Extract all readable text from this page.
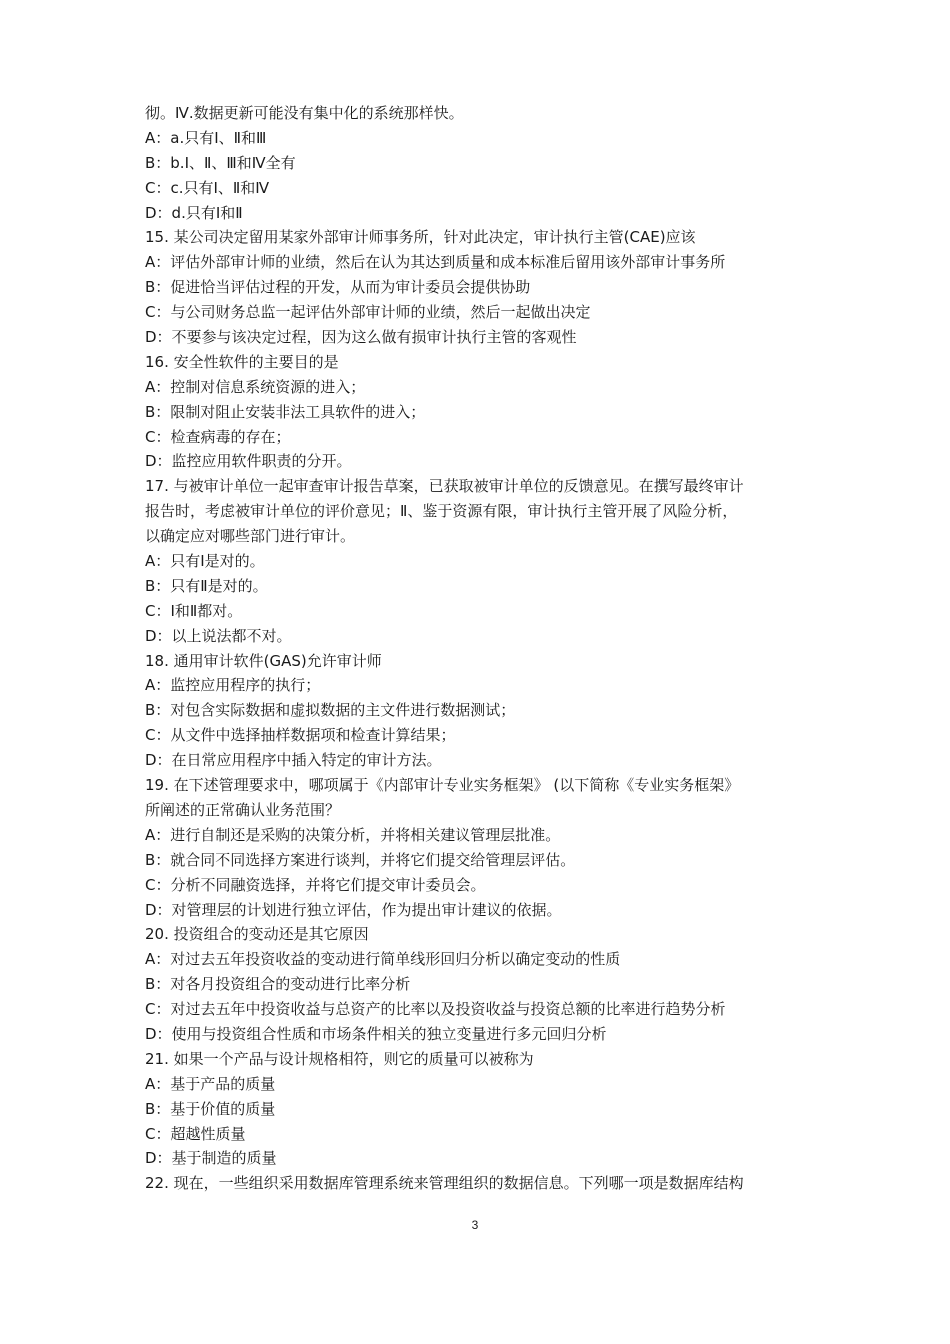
彻。Ⅳ.数据更新可能没有集中化的系统那样快。
A：a.只有Ⅰ、Ⅱ和Ⅲ
B：b.Ⅰ、Ⅱ、Ⅲ和Ⅳ全有
C：c.只有Ⅰ、Ⅱ和Ⅳ
D：d.只有Ⅰ和Ⅱ
15. 某公司决定留用某家外部审计师事务所，针对此决定，审计执行主管(CAE)应该
A：评估外部审计师的业绩，然后在认为其达到质量和成本标准后留用该外部审计事务所
B：促进恰当评估过程的开发，从而为审计委员会提供协助
C：与公司财务总监一起评估外部审计师的业绩，然后一起做出决定
D：不要参与该决定过程，因为这么做有损审计执行主管的客观性
16. 安全性软件的主要目的是
A：控制对信息系统资源的进入；
B：限制对阻止安装非法工具软件的进入；
C：检查病毒的存在；
D：监控应用软件职责的分开。
17. 与被审计单位一起审查审计报告草案，已获取被审计单位的反馈意见。在撰写最终审计
报告时，考虑被审计单位的评价意见；Ⅱ、鉴于资源有限，审计执行主管开展了风险分析，
以确定应对哪些部门进行审计。
A：只有Ⅰ是对的。
B：只有Ⅱ是对的。
C：Ⅰ和Ⅱ都对。
D：以上说法都不对。
18. 通用审计软件(GAS)允许审计师
A：监控应用程序的执行；
B：对包含实际数据和虚拟数据的主文件进行数据测试；
C：从文件中选择抽样数据项和检查计算结果；
D：在日常应用程序中插入特定的审计方法。
19. 在下述管理要求中，哪项属于《内部审计专业实务框架》 (以下简称《专业实务框架》
所阐述的正常确认业务范围？
A：进行自制还是采购的决策分析，并将相关建议管理层批准。
B：就合同不同选择方案进行谈判，并将它们提交给管理层评估。
C：分析不同融资选择，并将它们提交审计委员会。
D：对管理层的计划进行独立评估，作为提出审计建议的依据。
20. 投资组合的变动还是其它原因
A：对过去五年投资收益的变动进行简单线形回归分析以确定变动的性质
B：对各月投资组合的变动进行比率分析
C：对过去五年中投资收益与总资产的比率以及投资收益与投资总额的比率进行趋势分析
D：使用与投资组合性质和市场条件相关的独立变量进行多元回归分析
21. 如果一个产品与设计规格相符，则它的质量可以被称为
A：基于产品的质量
B：基于价值的质量
C：超越性质量
D：基于制造的质量
22. 现在，一些组织采用数据库管理系统来管理组织的数据信息。下列哪一项是数据库结构
3
